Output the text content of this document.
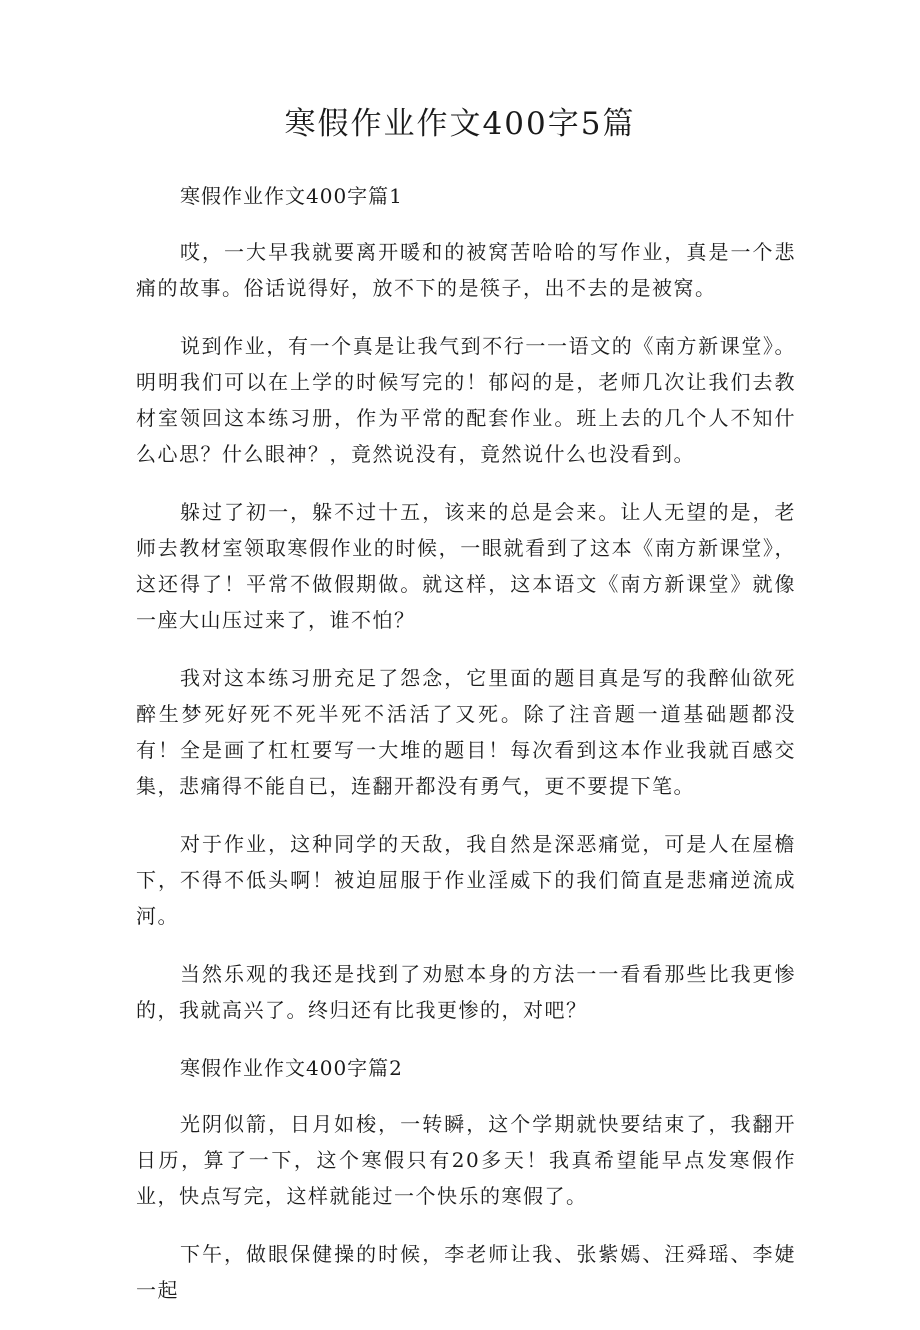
寒假作业作文400字5篇

寒假作业作文400字篇1

哎，一大早我就要离开暖和的被窝苦哈哈的写作业，真是一个悲痛的故事。俗话说得好，放不下的是筷子，出不去的是被窝。

说到作业，有一个真是让我气到不行一一语文的《南方新课堂》。明明我们可以在上学的时候写完的！郁闷的是，老师几次让我们去教材室领回这本练习册，作为平常的配套作业。班上去的几个人不知什么心思？什么眼神？，竟然说没有，竟然说什么也没看到。

躲过了初一，躲不过十五，该来的总是会来。让人无望的是，老师去教材室领取寒假作业的时候，一眼就看到了这本《南方新课堂》，这还得了！平常不做假期做。就这样，这本语文《南方新课堂》就像一座大山压过来了，谁不怕？

我对这本练习册充足了怨念，它里面的题目真是写的我醉仙欲死醉生梦死好死不死半死不活活了又死。除了注音题一道基础题都没有！全是画了杠杠要写一大堆的题目！每次看到这本作业我就百感交集，悲痛得不能自已，连翻开都没有勇气，更不要提下笔。

对于作业，这种同学的天敌，我自然是深恶痛觉，可是人在屋檐下，不得不低头啊！被迫屈服于作业淫威下的我们简直是悲痛逆流成河。

当然乐观的我还是找到了劝慰本身的方法一一看看那些比我更惨的，我就高兴了。终归还有比我更惨的，对吧？

寒假作业作文400字篇2

光阴似箭，日月如梭，一转瞬，这个学期就快要结束了，我翻开日历，算了一下，这个寒假只有20多天！我真希望能早点发寒假作业，快点写完，这样就能过一个快乐的寒假了。

下午，做眼保健操的时候，李老师让我、张紫嫣、汪舜瑶、李婕一起
